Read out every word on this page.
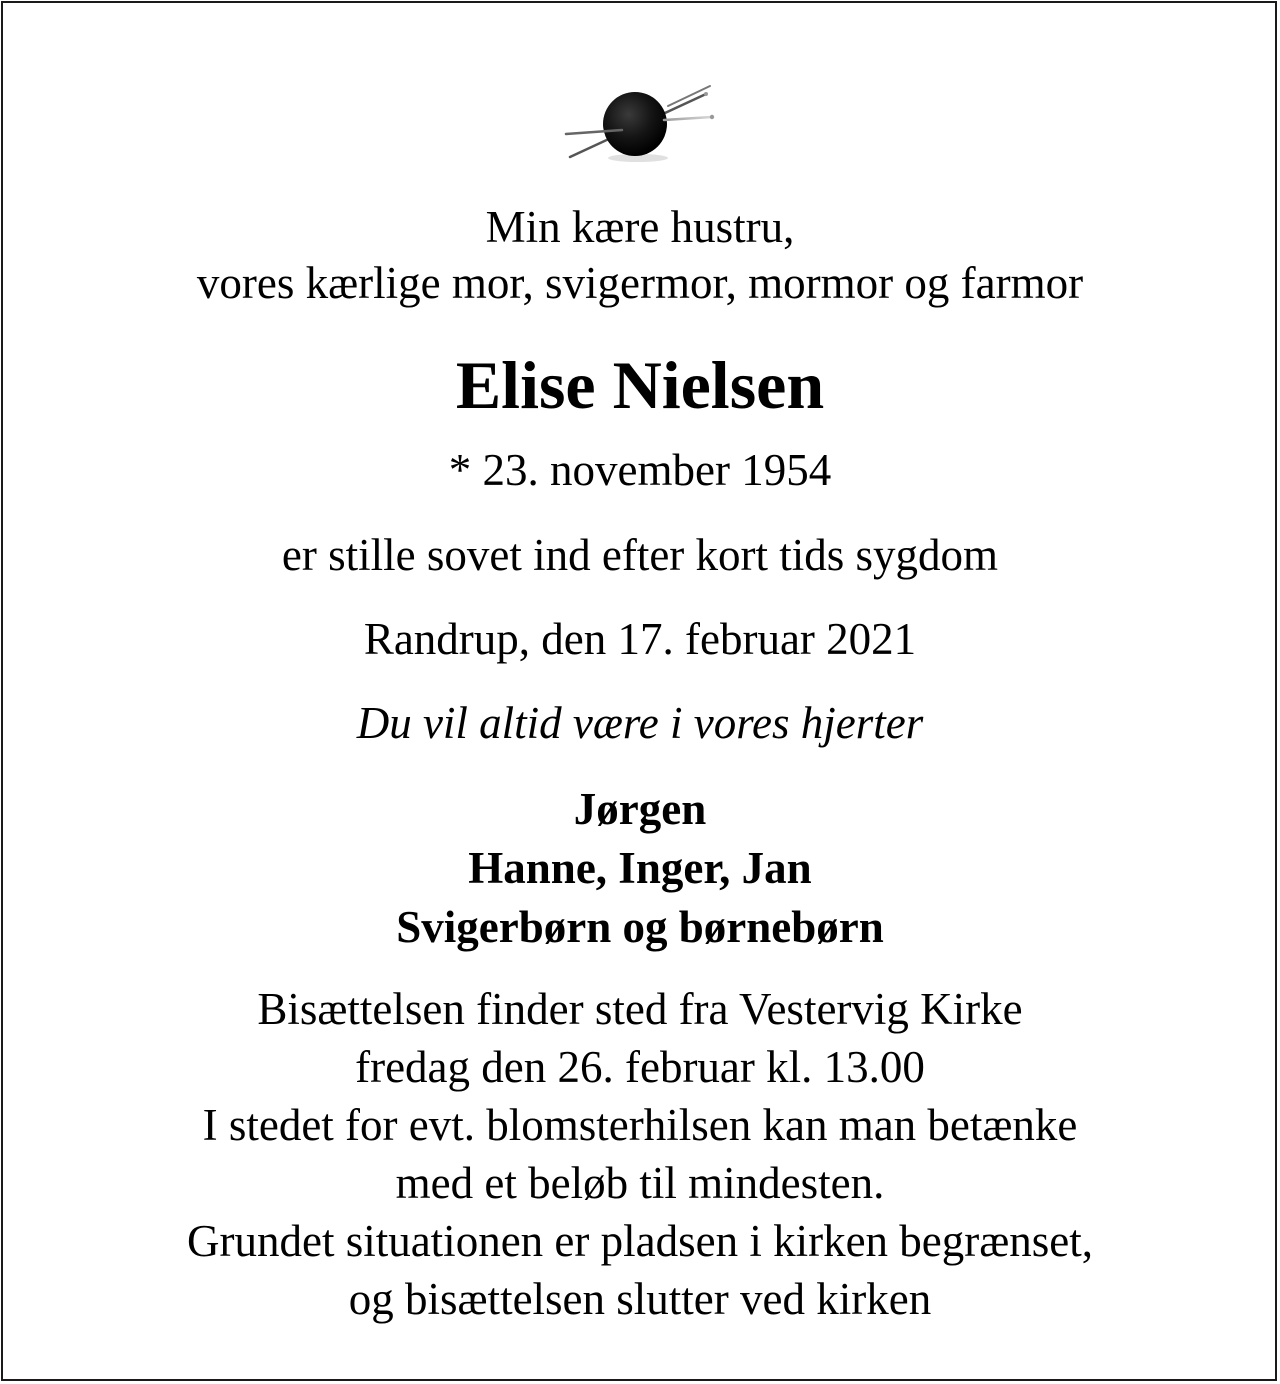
Min kære hustru,
vores kærlige mor, svigermor, mormor og farmor
Elise Nielsen
* 23. november 1954
er stille sovet ind efter kort tids sygdom
Randrup, den 17. februar 2021
Du vil altid være i vores hjerter
Jørgen
Hanne, Inger, Jan
Svigerbørn og børnebørn
Bisættelsen finder sted fra Vestervig Kirke
fredag den 26. februar kl. 13.00
I stedet for evt. blomsterhilsen kan man betænke
med et beløb til mindesten.
Grundet situationen er pladsen i kirken begrænset,
og bisættelsen slutter ved kirken
